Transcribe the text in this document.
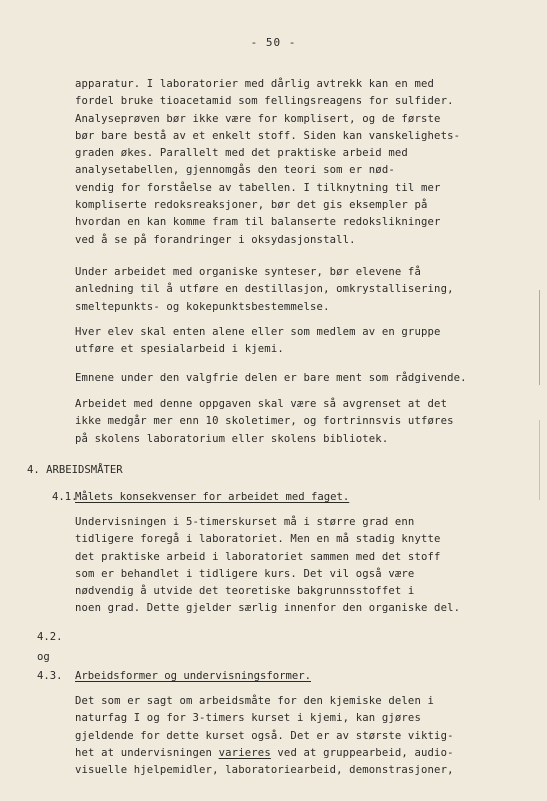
- 50 -
apparatur. I laboratorier med dårlig avtrekk kan en med
fordel bruke tioacetamid som fellingsreagens for sulfider.
Analyseprøven bør ikke være for komplisert, og de første
bør bare bestå av et enkelt stoff. Siden kan vanskelighets-
graden økes. Parallelt med det praktiske arbeid med
analysetabellen, gjennomgås den teori som er nød-
vendig for forståelse av tabellen. I tilknytning til mer
kompliserte redoksreaksjoner, bør det gis eksempler på
hvordan en kan komme fram til balanserte redokslikninger
ved å se på forandringer i oksydasjonstall.
Under arbeidet med organiske synteser, bør elevene få
anledning til å utføre en destillasjon, omkrystallisering,
smeltepunkts- og kokepunktsbestemmelse.
Hver elev skal enten alene eller som medlem av en gruppe
utføre et spesialarbeid i kjemi.
Emnene under den valgfrie delen er bare ment som rådgivende.
Arbeidet med denne oppgaven skal være så avgrenset at det
ikke medgår mer enn 10 skoletimer, og fortrinnsvis utføres
på skolens laboratorium eller skolens bibliotek.
4. ARBEIDSMÅTER
4.1.
Målets konsekvenser for arbeidet med faget.
Undervisningen i 5-timerskurset må i større grad enn
tidligere foregå i laboratoriet. Men en må stadig knytte
det praktiske arbeid i laboratoriet sammen med det stoff
som er behandlet i tidligere kurs. Det vil også være
nødvendig å utvide det teoretiske bakgrunnsstoffet i
noen grad. Dette gjelder særlig innenfor den organiske del.
4.2.
og
4.3. Arbeidsformer og undervisningsformer.
Det som er sagt om arbeidsmåte for den kjemiske delen i
naturfag I og for 3-timers kurset i kjemi, kan gjøres
gjeldende for dette kurset også. Det er av største viktig-
het at undervisningen varieres ved at gruppearbeid, audio-
visuelle hjelpemidler, laboratoriearbeid, demonstrasjoner,
